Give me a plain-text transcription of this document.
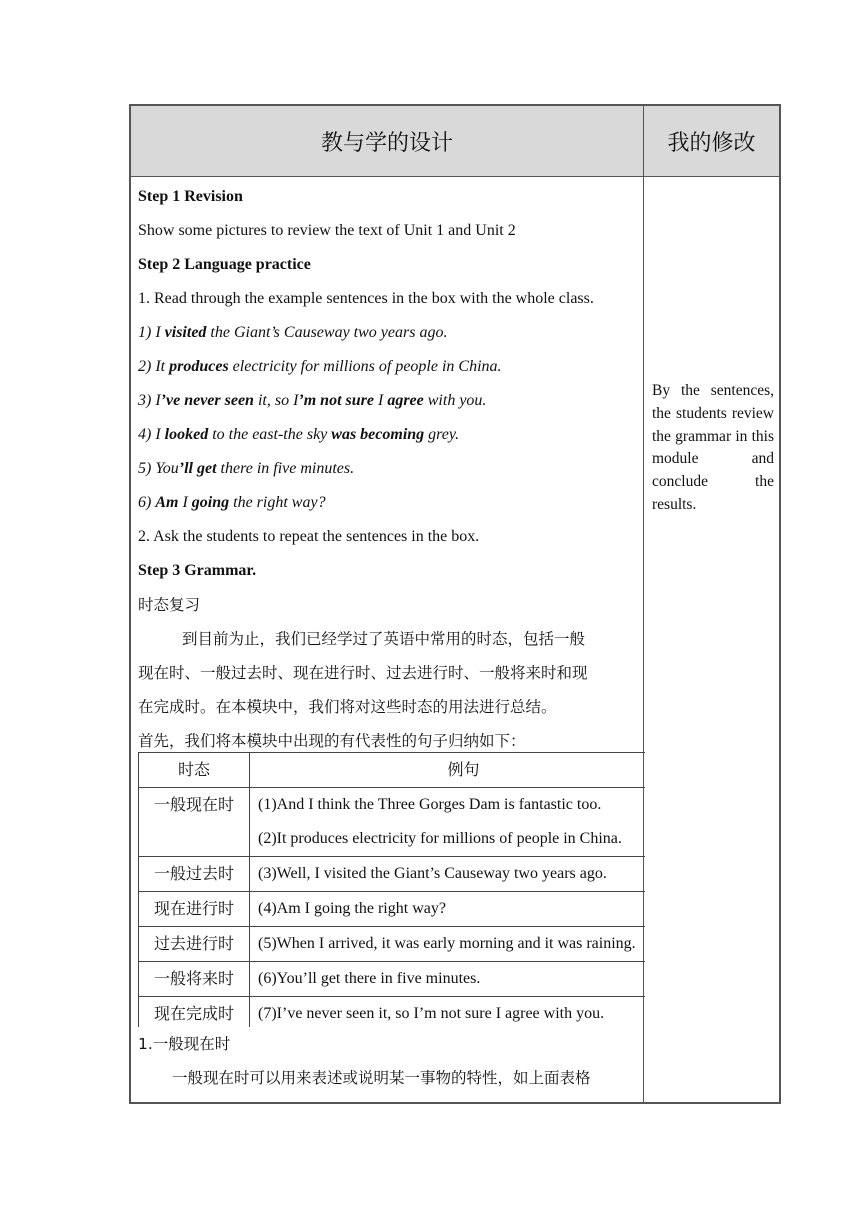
教与学的设计	我的修改
Step 1 Revision
Show some pictures to review the text of Unit 1 and Unit 2
Step 2 Language practice
1. Read through the example sentences in the box with the whole class.
1) I visited the Giant’s Causeway two years ago.
2) It produces electricity for millions of people in China.
3) I’ve never seen it, so I’m not sure I agree with you.
4) I looked to the east-the sky was becoming grey.
5) You’ll get there in five minutes.
6) Am I going the right way?
2. Ask the students to repeat the sentences in the box.
Step 3 Grammar.
时态复习
到目前为止，我们已经学过了英语中常用的时态，包括一般
现在时、一般过去时、现在进行时、过去进行时、一般将来时和现
在完成时。在本模块中，我们将对这些时态的用法进行总结。
首先，我们将本模块中出现的有代表性的句子归纳如下：
时态	例句
一般现在时	(1)And I think the Three Gorges Dam is fantastic too.
(2)It produces electricity for millions of people in China.

一般过去时	(3)Well, I visited the Giant’s Causeway two years ago.

现在进行时	(4)Am I going the right way?

过去进行时	(5)When I arrived, it was early morning and it was raining.

一般将来时	(6)You’ll get there in five minutes.

现在完成时	(7)I’ve never seen it, so I’m not sure I agree with you.
1.一般现在时
一般现在时可以用来表述或说明某一事物的特性，如上面表格
By the sentences, the students review the grammar in this module and conclude the results.
